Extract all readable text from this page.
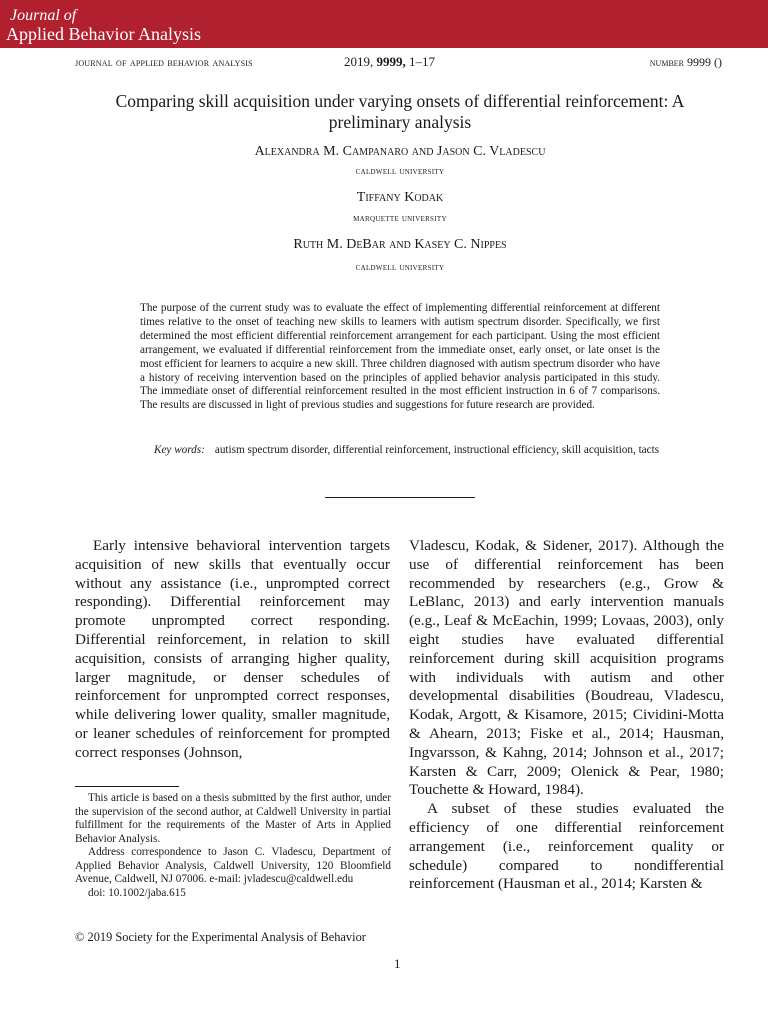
Journal of
Applied Behavior Analysis
journal of applied behavior analysis	2019, 9999, 1–17	number 9999 ()
Comparing skill acquisition under varying onsets of differential reinforcement: A preliminary analysis
Alexandra M. Campanaro and Jason C. Vladescu
caldwell university
Tiffany Kodak
marquette university
Ruth M. DeBar and Kasey C. Nippes
caldwell university

The purpose of the current study was to evaluate the effect of implementing differential reinforcement at different times relative to the onset of teaching new skills to learners with autism spectrum disorder. Specifically, we first determined the most efficient differential reinforcement arrangement for each participant. Using the most efficient arrangement, we evaluated if differential reinforcement from the immediate onset, early onset, or late onset is the most efficient for learners to acquire a new skill. Three children diagnosed with autism spectrum disorder who have a history of receiving intervention based on the principles of applied behavior analysis participated in this study. The immediate onset of differential reinforcement resulted in the most efficient instruction in 6 of 7 comparisons. The results are discussed in light of previous studies and suggestions for future research are provided.

Key words: autism spectrum disorder, differential reinforcement, instructional efficiency, skill acquisition, tacts

Early intensive behavioral intervention targets acquisition of new skills that eventually occur without any assistance (i.e., unprompted correct responding). Differential reinforcement may promote unprompted correct responding. Differential reinforcement, in relation to skill acquisition, consists of arranging higher quality, larger magnitude, or denser schedules of reinforcement for unprompted correct responses, while delivering lower quality, smaller magnitude, or leaner schedules of reinforcement for prompted correct responses (Johnson,

Vladescu, Kodak, & Sidener, 2017). Although the use of differential reinforcement has been recommended by researchers (e.g., Grow & LeBlanc, 2013) and early intervention manuals (e.g., Leaf & McEachin, 1999; Lovaas, 2003), only eight studies have evaluated differential reinforcement during skill acquisition programs with individuals with autism and other developmental disabilities (Boudreau, Vladescu, Kodak, Argott, & Kisamore, 2015; Cividini-Motta & Ahearn, 2013; Fiske et al., 2014; Hausman, Ingvarsson, & Kahng, 2014; Johnson et al., 2017; Karsten & Carr, 2009; Olenick & Pear, 1980; Touchette & Howard, 1984).

A subset of these studies evaluated the efficiency of one differential reinforcement arrangement (i.e., reinforcement quality or schedule) compared to nondifferential reinforcement (Hausman et al., 2014; Karsten &

This article is based on a thesis submitted by the first author, under the supervision of the second author, at Caldwell University in partial fulfillment for the requirements of the Master of Arts in Applied Behavior Analysis.

Address correspondence to Jason C. Vladescu, Department of Applied Behavior Analysis, Caldwell University, 120 Bloomfield Avenue, Caldwell, NJ 07006. e-mail: jvladescu@caldwell.edu

doi: 10.1002/jaba.615

© 2019 Society for the Experimental Analysis of Behavior
1
